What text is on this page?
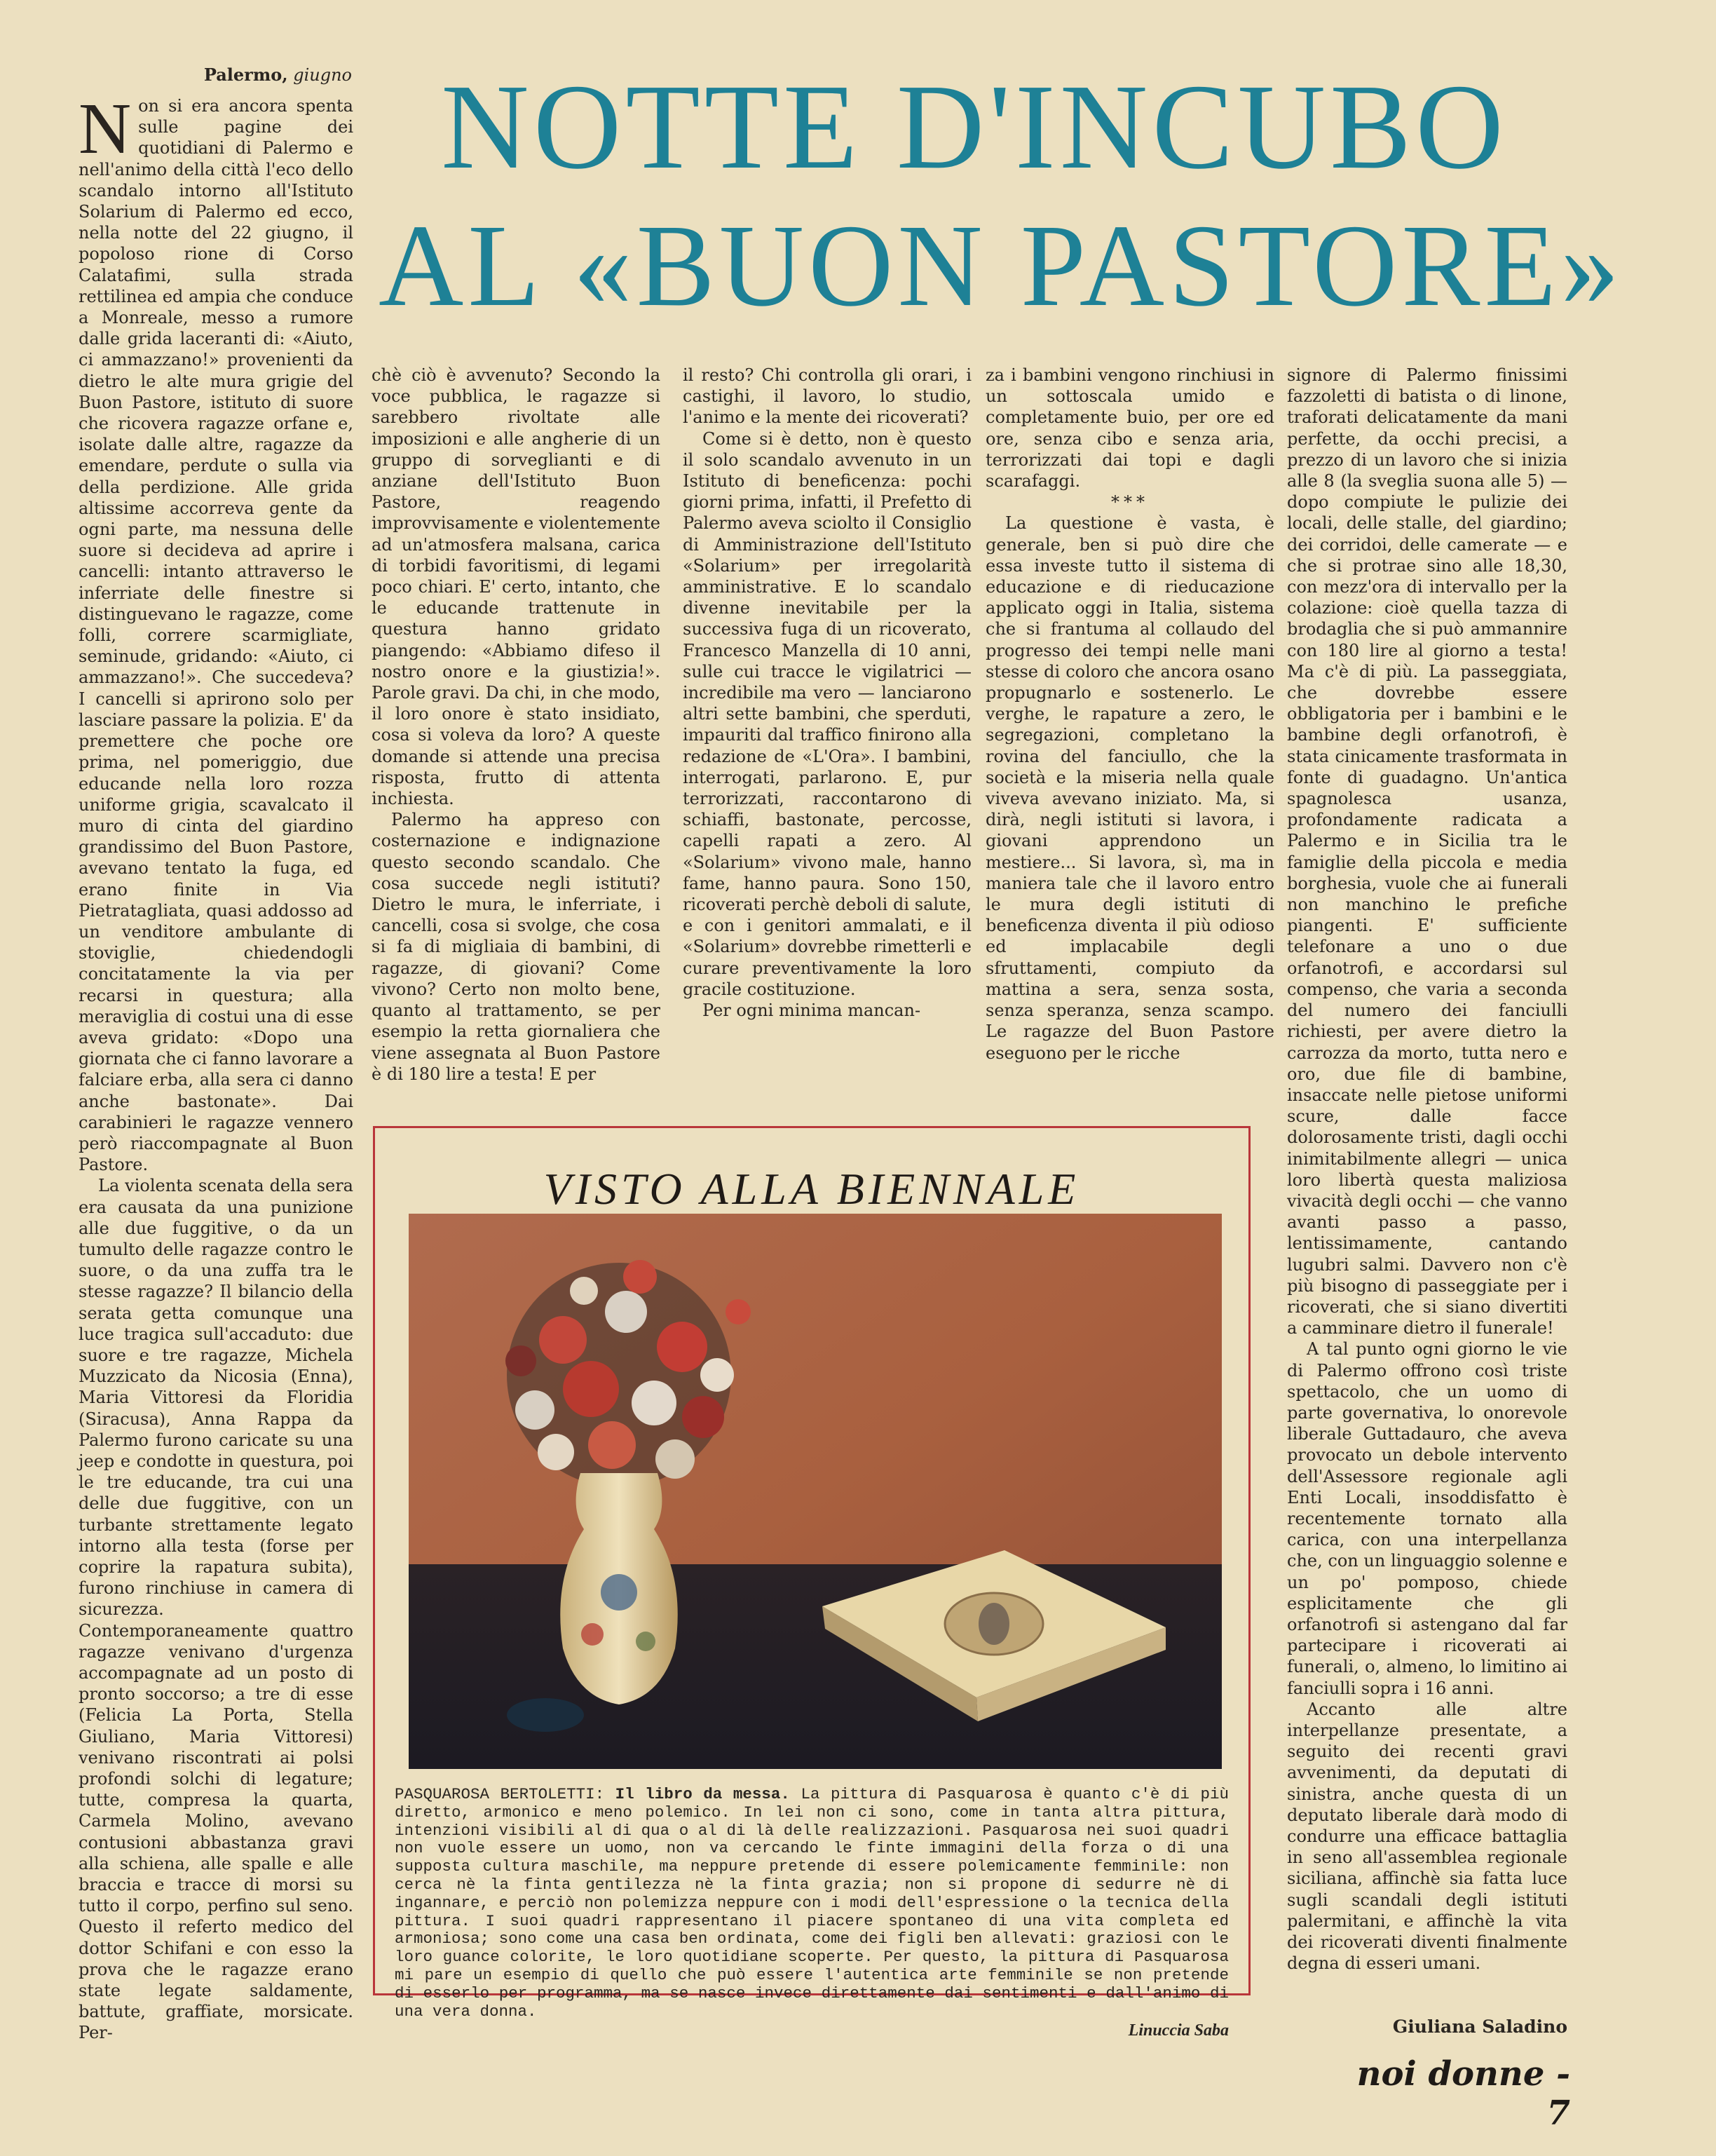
Palermo, giugno NOTTE D'INCUBO
AL «BUON PASTORE»

Non si era ancora spenta sulle pagine dei quotidiani di Palermo e nell'animo della città l'eco dello scandalo intorno all'Istituto Solarium di Palermo ed ecco, nella notte del 22 giugno, il popoloso rione di Corso Calatafimi, sulla strada rettilinea ed ampia che conduce a Monreale, messo a rumore dalle grida laceranti di: «Aiuto, ci ammazzano!» provenienti da dietro le alte mura grigie del Buon Pastore, istituto di suore che ricovera ragazze orfane e, isolate dalle altre, ragazze da emendare, perdute o sulla via della perdizione. Alle grida altissime accorreva gente da ogni parte, ma nessuna delle suore si decideva ad aprire i cancelli: intanto attraverso le inferriate delle finestre si distinguevano le ragazze, come folli, correre scarmigliate, seminude, gridando: «Aiuto, ci ammazzano!». Che succedeva? I cancelli si aprirono solo per lasciare passare la polizia. E' da premettere che poche ore prima, nel pomeriggio, due educande nella loro rozza uniforme grigia, scavalcato il muro di cinta del giardino grandissimo del Buon Pastore, avevano tentato la fuga, ed erano finite in Via Pietratagliata, quasi addosso ad un venditore ambulante di stoviglie, chiedendogli concitatamente la via per recarsi in questura; alla meraviglia di costui una di esse aveva gridato: «Dopo una giornata che ci fanno lavorare a falciare erba, alla sera ci danno anche bastonate». Dai carabinieri le ragazze vennero però riaccompagnate al Buon Pastore.

La violenta scenata della sera era causata da una punizione alle due fuggitive, o da un tumulto delle ragazze contro le suore, o da una zuffa tra le stesse ragazze? Il bilancio della serata getta comunque una luce tragica sull'accaduto: due suore e tre ragazze, Michela Muzzicato da Nicosia (Enna), Maria Vittoresi da Floridia (Siracusa), Anna Rappa da Palermo furono caricate su una jeep e condotte in questura, poi le tre educande, tra cui una delle due fuggitive, con un turbante strettamente legato intorno alla testa (forse per coprire la rapatura subita), furono rinchiuse in camera di sicurezza. Contemporaneamente quattro ragazze venivano d'urgenza accompagnate ad un posto di pronto soccorso; a tre di esse (Felicia La Porta, Stella Giuliano, Maria Vittoresi) venivano riscontrati ai polsi profondi solchi di legature; tutte, compresa la quarta, Carmela Molino, avevano contusioni abbastanza gravi alla schiena, alle spalle e alle braccia e tracce di morsi su tutto il corpo, perfino sul seno. Questo il referto medico del dottor Schifani e con esso la prova che le ragazze erano state legate saldamente, battute, graffiate, morsicate. Per-

chè ciò è avvenuto? Secondo la voce pubblica, le ragazze si sarebbero rivoltate alle imposizioni e alle angherie di un gruppo di sorveglianti e di anziane dell'Istituto Buon Pastore, reagendo improvvisamente e violentemente ad un'atmosfera malsana, carica di torbidi favoritismi, di legami poco chiari. E' certo, intanto, che le educande trattenute in questura hanno gridato piangendo: «Abbiamo difeso il nostro onore e la giustizia!». Parole gravi. Da chi, in che modo, il loro onore è stato insidiato, cosa si voleva da loro? A queste domande si attende una precisa risposta, frutto di attenta inchiesta.

Palermo ha appreso con costernazione e indignazione questo secondo scandalo. Che cosa succede negli istituti? Dietro le mura, le inferriate, i cancelli, cosa si svolge, che cosa si fa di migliaia di bambini, di ragazze, di giovani? Come vivono? Certo non molto bene, quanto al trattamento, se per esempio la retta giornaliera che viene assegnata al Buon Pastore è di 180 lire a testa! E per

il resto? Chi controlla gli orari, i castighi, il lavoro, lo studio, l'animo e la mente dei ricoverati?

Come si è detto, non è questo il solo scandalo avvenuto in un Istituto di beneficenza: pochi giorni prima, infatti, il Prefetto di Palermo aveva sciolto il Consiglio di Amministrazione dell'Istituto «Solarium» per irregolarità amministrative. E lo scandalo divenne inevitabile per la successiva fuga di un ricoverato, Francesco Manzella di 10 anni, sulle cui tracce le vigilatrici — incredibile ma vero — lanciarono altri sette bambini, che sperduti, impauriti dal traffico finirono alla redazione de «L'Ora». I bambini, interrogati, parlarono. E, pur terrorizzati, raccontarono di schiaffi, bastonate, percosse, capelli rapati a zero. Al «Solarium» vivono male, hanno fame, hanno paura. Sono 150, ricoverati perchè deboli di salute, e con i genitori ammalati, e il «Solarium» dovrebbe rimetterli e curare preventivamente la loro gracile costituzione.

Per ogni minima mancan-

za i bambini vengono rinchiusi in un sottoscala umido e completamente buio, per ore ed ore, senza cibo e senza aria, terrorizzati dai topi e dagli scarafaggi.

***

La questione è vasta, è generale, ben si può dire che essa investe tutto il sistema di educazione e di rieducazione applicato oggi in Italia, sistema che si frantuma al collaudo del progresso dei tempi nelle mani stesse di coloro che ancora osano propugnarlo e sostenerlo. Le verghe, le rapature a zero, le segregazioni, completano la rovina del fanciullo, che la società e la miseria nella quale viveva avevano iniziato. Ma, si dirà, negli istituti si lavora, i giovani apprendono un mestiere... Si lavora, sì, ma in maniera tale che il lavoro entro le mura degli istituti di beneficenza diventa il più odioso ed implacabile degli sfruttamenti, compiuto da mattina a sera, senza sosta, senza speranza, senza scampo. Le ragazze del Buon Pastore eseguono per le ricche

signore di Palermo finissimi fazzoletti di batista o di linone, traforati delicatamente da mani perfette, da occhi precisi, a prezzo di un lavoro che si inizia alle 8 (la sveglia suona alle 5) — dopo compiute le pulizie dei locali, delle stalle, del giardino; dei corridoi, delle camerate — e che si protrae sino alle 18,30, con mezz'ora di intervallo per la colazione: cioè quella tazza di brodaglia che si può ammannire con 180 lire al giorno a testa! Ma c'è di più. La passeggiata, che dovrebbe essere obbligatoria per i bambini e le bambine degli orfanotrofi, è stata cinicamente trasformata in fonte di guadagno. Un'antica spagnolesca usanza, profondamente radicata a Palermo e in Sicilia tra le famiglie della piccola e media borghesia, vuole che ai funerali non manchino le prefiche piangenti. E' sufficiente telefonare a uno o due orfanotrofi, e accordarsi sul compenso, che varia a seconda del numero dei fanciulli richiesti, per avere dietro la carrozza da morto, tutta nero e oro, due file di bambine, insaccate nelle pietose uniformi scure, dalle facce dolorosamente tristi, dagli occhi inimitabilmente allegri — unica loro libertà questa maliziosa vivacità degli occhi — che vanno avanti passo a passo, lentissimamente, cantando lugubri salmi. Davvero non c'è più bisogno di passeggiate per i ricoverati, che si siano divertiti a camminare dietro il funerale!

A tal punto ogni giorno le vie di Palermo offrono così triste spettacolo, che un uomo di parte governativa, lo onorevole liberale Guttadauro, che aveva provocato un debole intervento dell'Assessore regionale agli Enti Locali, insoddisfatto è recentemente tornato alla carica, con una interpellanza che, con un linguaggio solenne e un po' pomposo, chiede esplicitamente che gli orfanotrofi si astengano dal far partecipare i ricoverati ai funerali, o, almeno, lo limitino ai fanciulli sopra i 16 anni.

Accanto alle altre interpellanze presentate, a seguito dei recenti gravi avvenimenti, da deputati di sinistra, anche questa di un deputato liberale darà modo di condurre una efficace battaglia in seno all'assemblea regionale siciliana, affinchè sia fatta luce sugli scandali degli istituti palermitani, e affinchè la vita dei ricoverati diventi finalmente degna di esseri umani.

VISTO ALLA BIENNALE
PASQUAROSA BERTOLETTI: Il libro da messa. La pittura di Pasquarosa è quanto c'è di più diretto, armonico e meno polemico. In lei non ci sono, come in tanta altra pittura, intenzioni visibili al di qua o al di là delle realizzazioni. Pasquarosa nei suoi quadri non vuole essere un uomo, non va cercando le finte immagini della forza o di una supposta cultura maschile, ma neppure pretende di essere polemicamente femminile: non cerca nè la finta gentilezza nè la finta grazia; non si propone di sedurre nè di ingannare, e perciò non polemizza neppure con i modi dell'espressione o la tecnica della pittura. I suoi quadri rappresentano il piacere spontaneo di una vita completa ed armoniosa; sono come una casa ben ordinata, come dei figli ben allevati: graziosi con le loro guance colorite, le loro quotidiane scoperte. Per questo, la pittura di Pasquarosa mi pare un esempio di quello che può essere l'autentica arte femminile se non pretende di esserlo per programma, ma se nasce invece direttamente dai sentimenti e dall'animo di una vera donna.
Linuccia Saba	Giuliana Saladino
noi donne - 7
